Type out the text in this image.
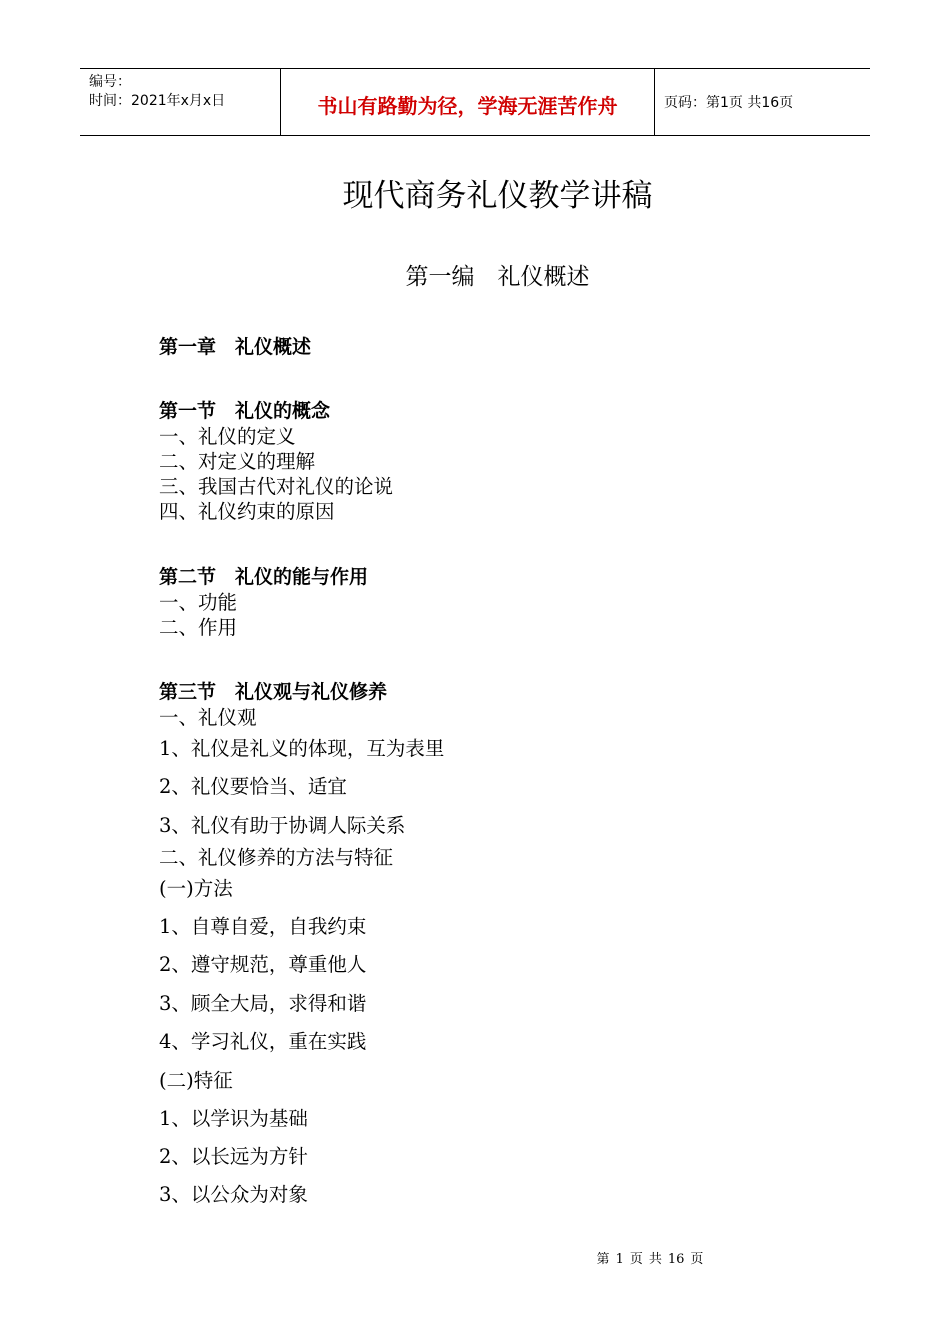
编号：
时间：2021年x月x日	书山有路勤为径，学海无涯苦作舟	页码：第1页 共16页
现代商务礼仪教学讲稿
第一编　礼仪概述
第一章　礼仪概述
第一节　礼仪的概念
一、礼仪的定义
二、对定义的理解
三、我国古代对礼仪的论说
四、礼仪约束的原因
第二节　礼仪的能与作用
一、功能
二、作用
第三节　礼仪观与礼仪修养
一、礼仪观
1、礼仪是礼义的体现，互为表里
2、礼仪要恰当、适宜
3、礼仪有助于协调人际关系
二、礼仪修养的方法与特征
(一)方法
1、自尊自爱，自我约束
2、遵守规范，尊重他人
3、顾全大局，求得和谐
4、学习礼仪，重在实践
(二)特征
1、以学识为基础
2、以长远为方针
3、以公众为对象
第 1 页 共 16 页
